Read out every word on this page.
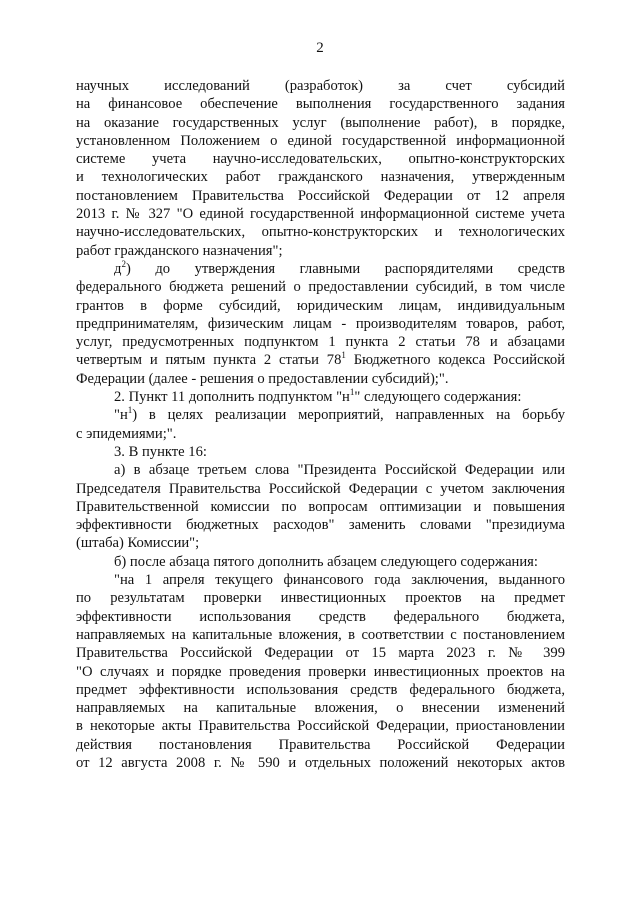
2
научных исследований (разработок) за счет субсидий
на финансовое обеспечение выполнения государственного задания
на оказание государственных услуг (выполнение работ), в порядке,
установленном Положением о единой государственной информационной
системе учета научно-исследовательских, опытно-конструкторских
и технологических работ гражданского назначения, утвержденным
постановлением Правительства Российской Федерации от 12 апреля
2013 г. № 327 "О единой государственной информационной системе учета
научно-исследовательских, опытно-конструкторских и технологических
работ гражданского назначения";
$д^2$) до утверждения главными распорядителями средств
федерального бюджета решений о предоставлении субсидий, в том числе
грантов в форме субсидий, юридическим лицам, индивидуальным
предпринимателям, физическим лицам - производителям товаров, работ,
услуг, предусмотренных подпунктом 1 пункта 2 статьи 78 и абзацами
четвертым и пятым пункта 2 статьи $78^1$ Бюджетного кодекса Российской
Федерации (далее - решения о предоставлении субсидий);".
2. Пункт 11 дополнить подпунктом "$н^1$" следующего содержания:
"$н^1$) в целях реализации мероприятий, направленных на борьбу
с эпидемиями;".
3. В пункте 16:
а) в абзаце третьем слова "Президента Российской Федерации или
Председателя Правительства Российской Федерации с учетом заключения
Правительственной комиссии по вопросам оптимизации и повышения
эффективности бюджетных расходов" заменить словами "президиума
(штаба) Комиссии";
б) после абзаца пятого дополнить абзацем следующего содержания:
"на 1 апреля текущего финансового года заключения, выданного
по результатам проверки инвестиционных проектов на предмет
эффективности использования средств федерального бюджета,
направляемых на капитальные вложения, в соответствии с постановлением
Правительства Российской Федерации от 15 марта 2023 г. № 399
"О случаях и порядке проведения проверки инвестиционных проектов на
предмет эффективности использования средств федерального бюджета,
направляемых на капитальные вложения, о внесении изменений
в некоторые акты Правительства Российской Федерации, приостановлении
действия постановления Правительства Российской Федерации
от 12 августа 2008 г. № 590 и отдельных положений некоторых актов
